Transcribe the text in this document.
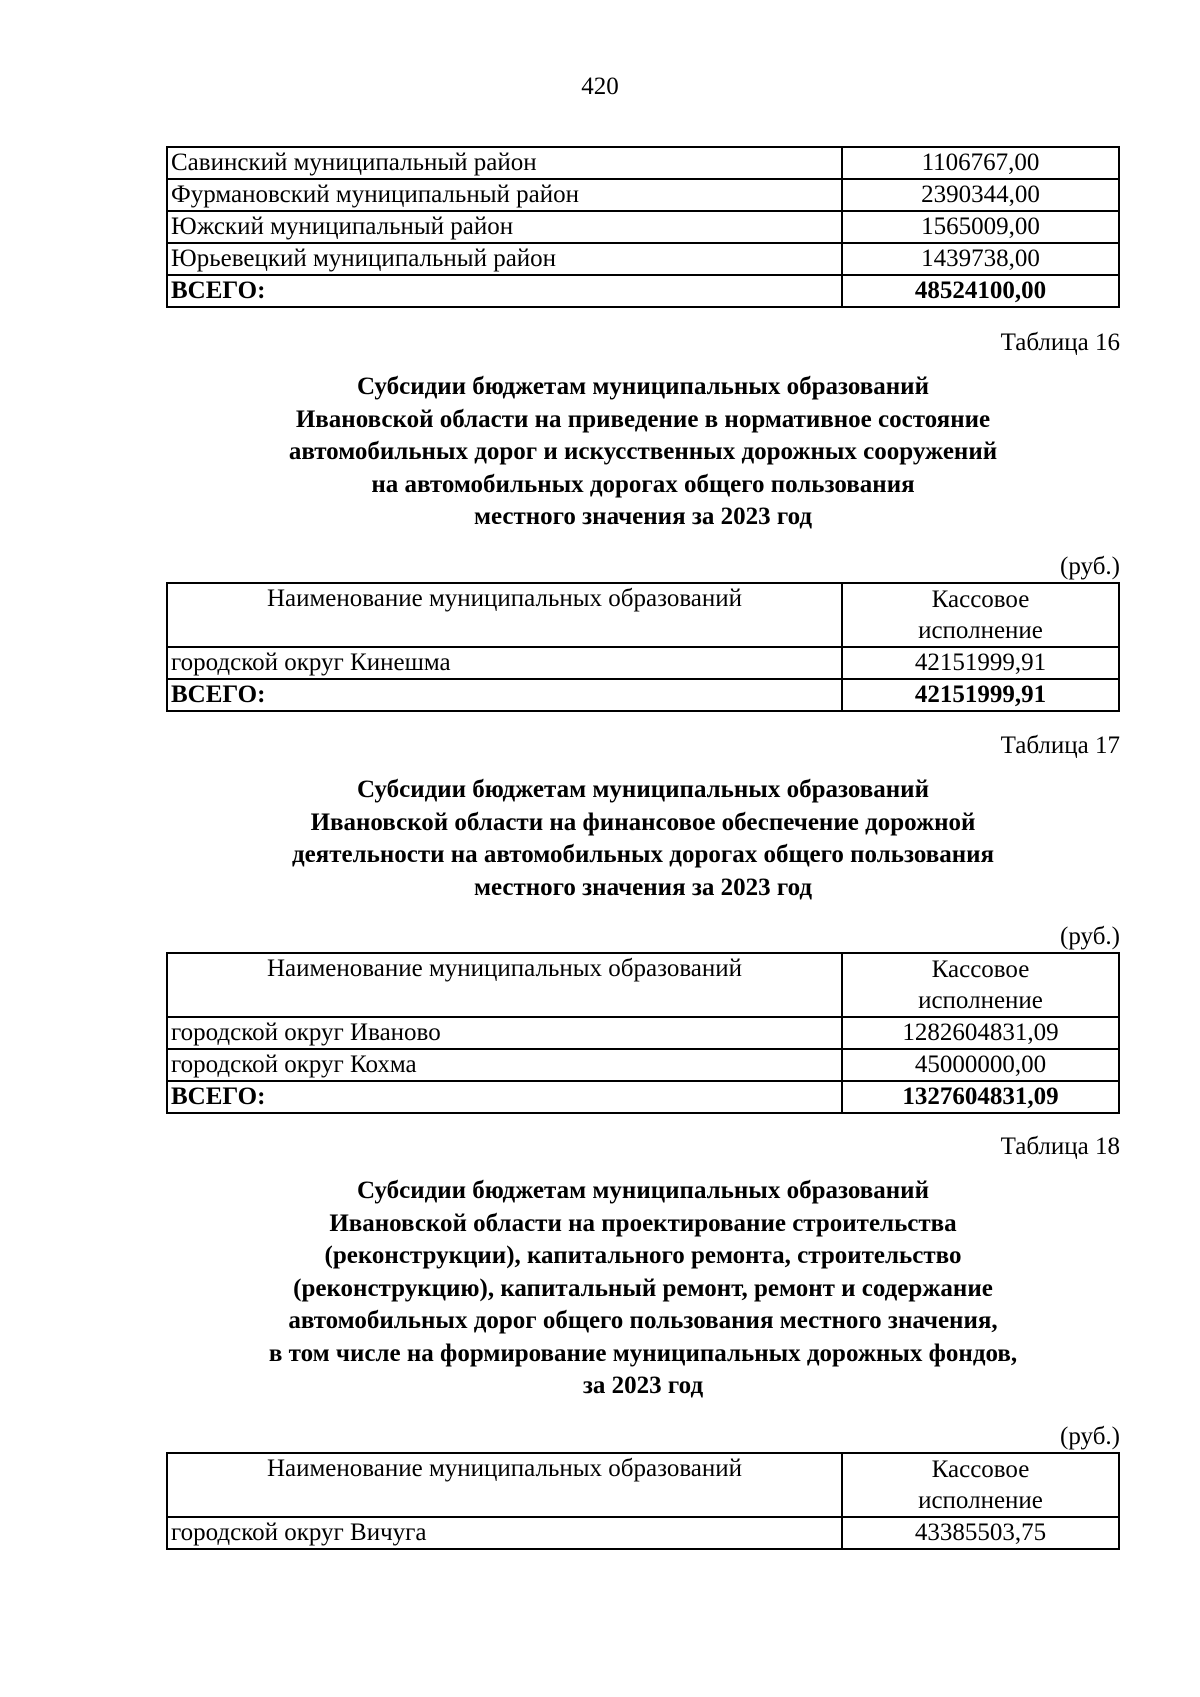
420
Савинский муниципальный район	1106767,00
Фурмановский муниципальный район	2390344,00
Южский муниципальный район	1565009,00
Юрьевецкий муниципальный район	1439738,00
ВСЕГО:	48524100,00
Таблица 16
Субсидии бюджетам муниципальных образований
Ивановской области на приведение в нормативное состояние
автомобильных дорог и искусственных дорожных сооружений
на автомобильных дорогах общего пользования
местного значения за 2023 год
(руб.)
Наименование муниципальных образований	Кассовое
исполнение
городской округ Кинешма	42151999,91
ВСЕГО:	42151999,91
Таблица 17
Субсидии бюджетам муниципальных образований
Ивановской области на финансовое обеспечение дорожной
деятельности на автомобильных дорогах общего пользования
местного значения за 2023 год
(руб.)
Наименование муниципальных образований	Кассовое
исполнение
городской округ Иваново	1282604831,09
городской округ Кохма	45000000,00
ВСЕГО:	1327604831,09
Таблица 18
Субсидии бюджетам муниципальных образований
Ивановской области на проектирование строительства
(реконструкции), капитального ремонта, строительство
(реконструкцию), капитальный ремонт, ремонт и содержание
автомобильных дорог общего пользования местного значения,
в том числе на формирование муниципальных дорожных фондов,
за 2023 год
(руб.)
Наименование муниципальных образований	Кассовое
исполнение
городской округ Вичуга	43385503,75
